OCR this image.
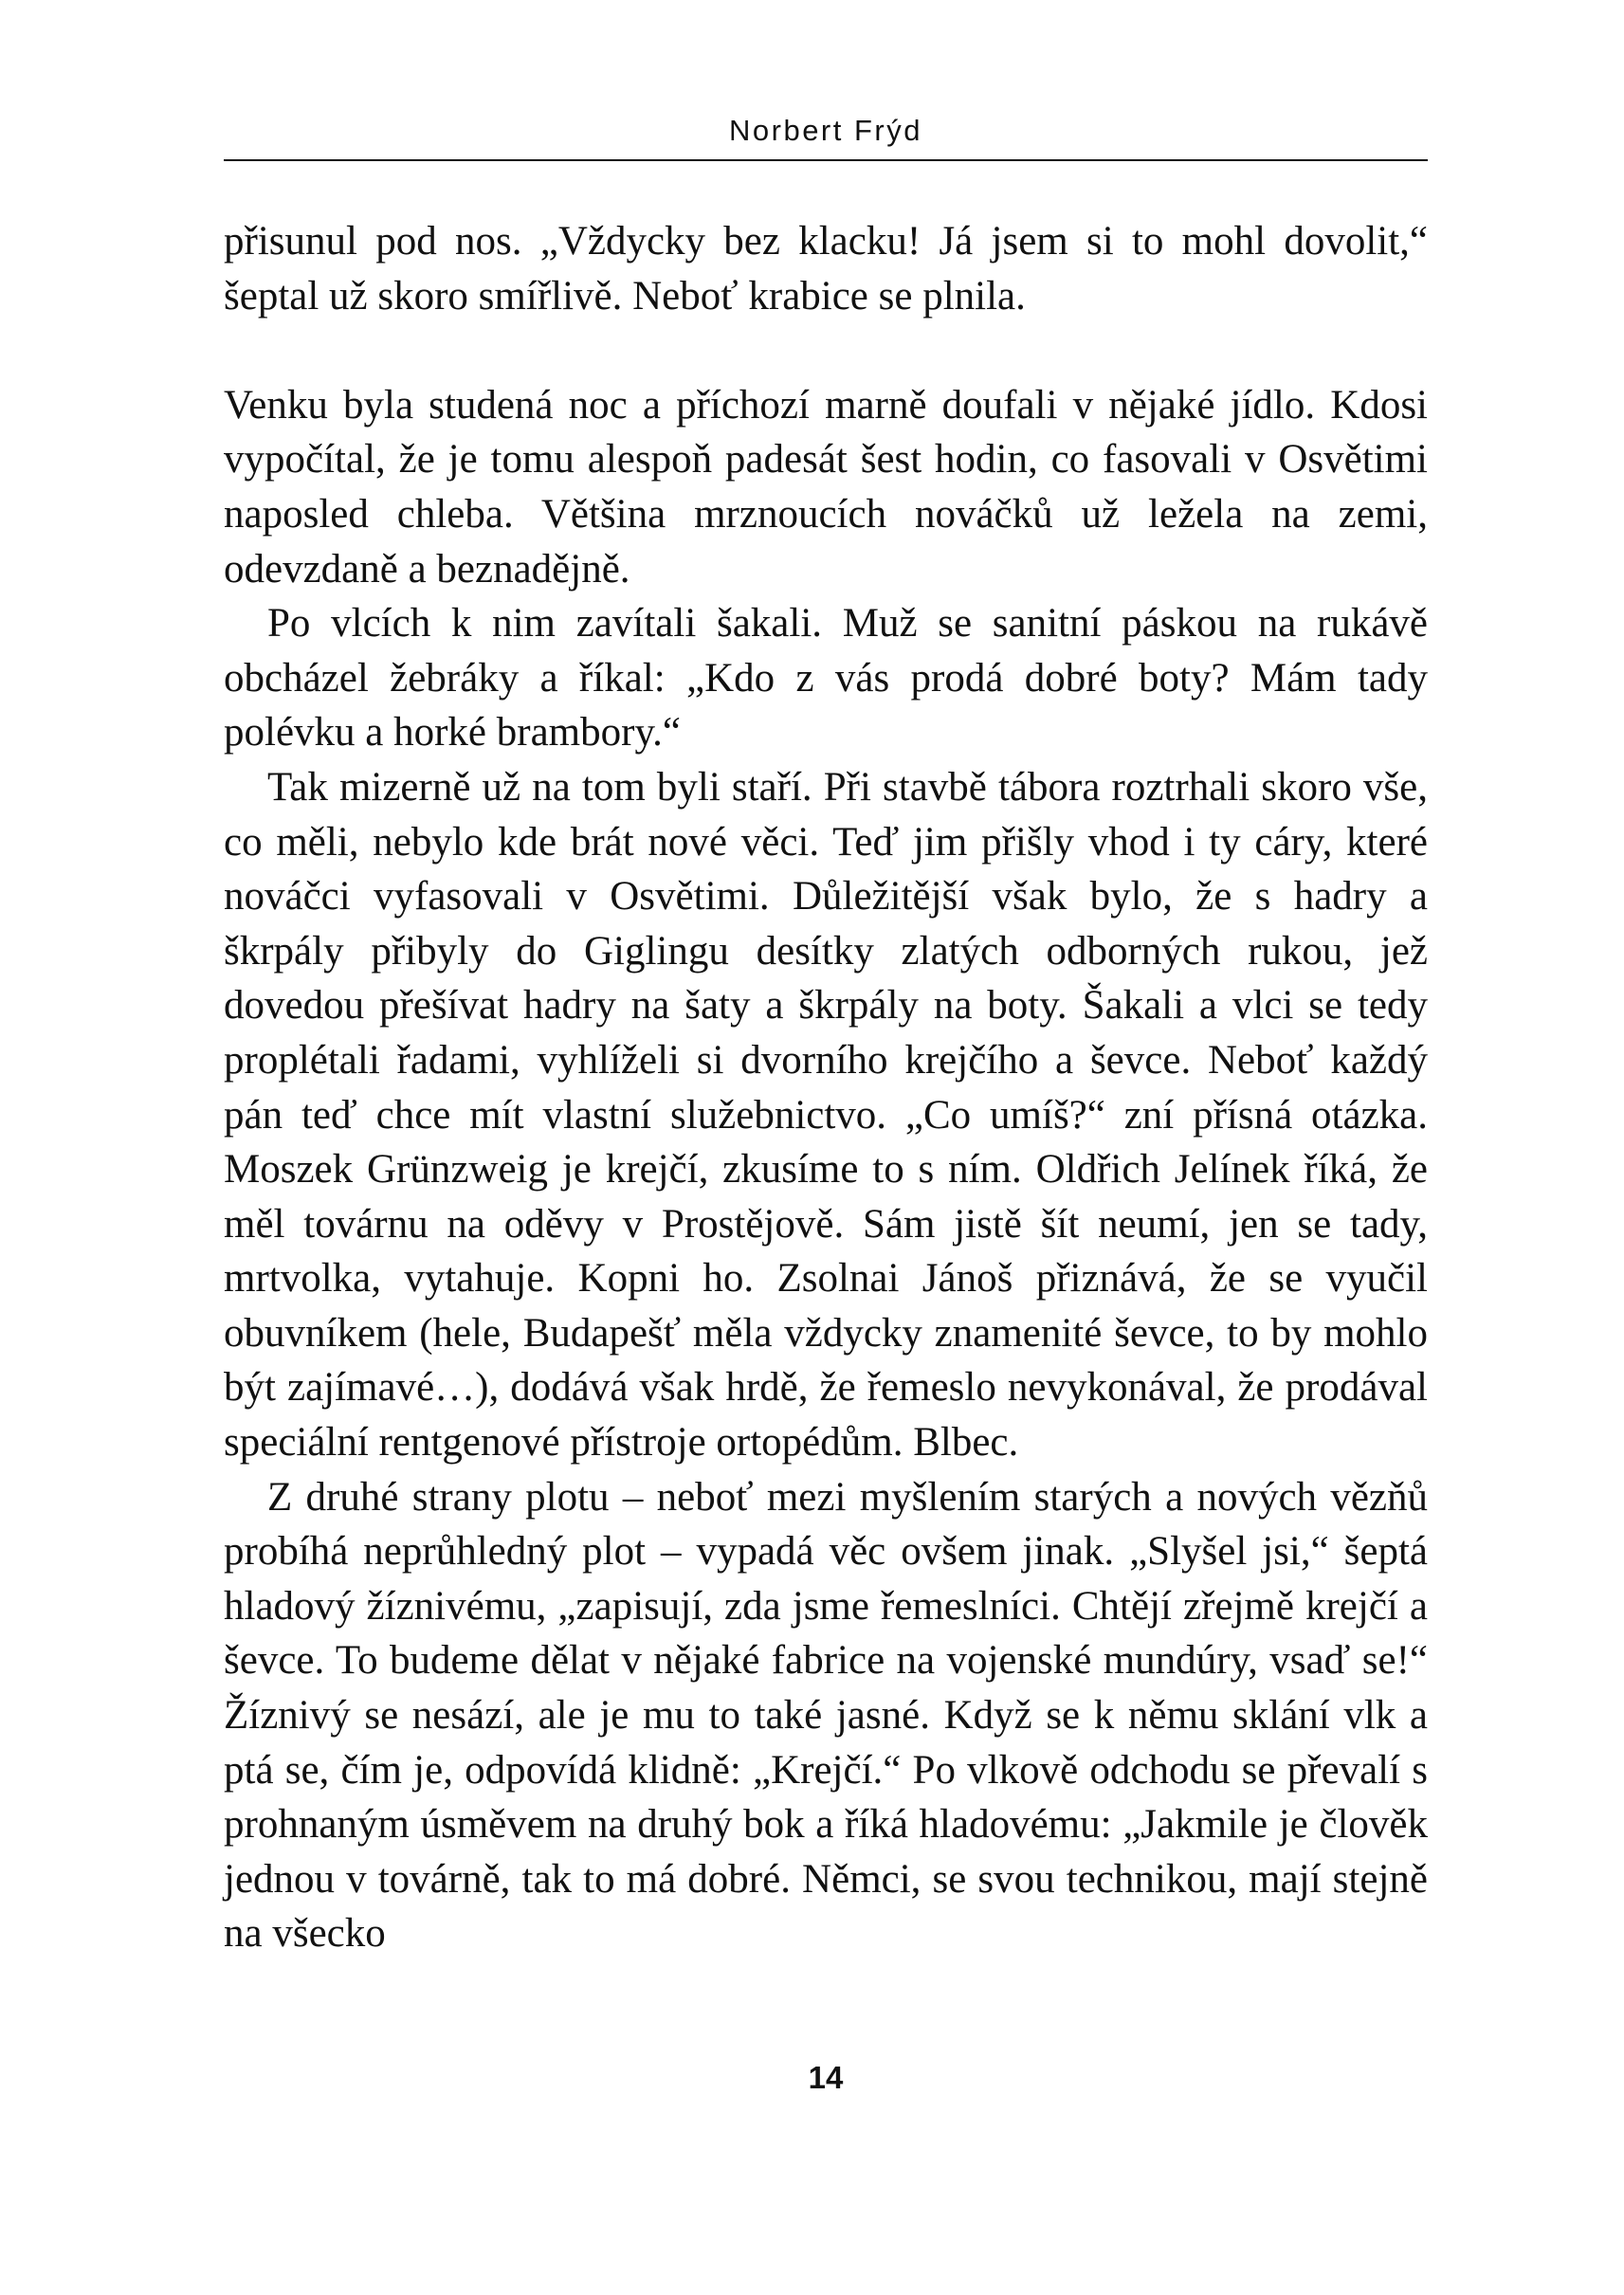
Norbert Frýd

přisunul pod nos. „Vždycky bez klacku! Já jsem si to mohl dovolit,“ šeptal už skoro smířlivě. Neboť krabice se plnila.

Venku byla studená noc a příchozí marně doufali v nějaké jídlo. Kdosi vypočítal, že je tomu alespoň padesát šest hodin, co fasovali v Osvětimi naposled chleba. Většina mrznoucích nováčků už ležela na zemi, odevzdaně a beznadějně.

Po vlcích k nim zavítali šakali. Muž se sanitní páskou na rukávě obcházel žebráky a říkal: „Kdo z vás prodá dobré boty? Mám tady polévku a horké brambory.“

Tak mizerně už na tom byli staří. Při stavbě tábora roztrhali skoro vše, co měli, nebylo kde brát nové věci. Teď jim přišly vhod i ty cáry, které nováčci vyfasovali v Osvětimi. Důležitější však bylo, že s hadry a škrpály přibyly do Giglingu desítky zlatých odborných rukou, jež dovedou přešívat hadry na šaty a škrpály na boty. Šakali a vlci se tedy proplétali řadami, vyhlíželi si dvorního krejčího a ševce. Neboť každý pán teď chce mít vlastní služebnictvo. „Co umíš?“ zní přísná otázka. Moszek Grünzweig je krejčí, zkusíme to s ním. Oldřich Jelínek říká, že měl továrnu na oděvy v Prostějově. Sám jistě šít neumí, jen se tady, mrtvolka, vytahuje. Kopni ho. Zsolnai Jánoš přiznává, že se vyučil obuvníkem (hele, Budapešť měla vždycky znamenité ševce, to by mohlo být zajímavé…), dodává však hrdě, že řemeslo nevykonával, že prodával speciální rentgenové přístroje ortopédům. Blbec.

Z druhé strany plotu – neboť mezi myšlením starých a nových vězňů probíhá neprůhledný plot – vypadá věc ovšem jinak. „Slyšel jsi,“ šeptá hladový žíznivému, „zapisují, zda jsme řemeslníci. Chtějí zřejmě krejčí a ševce. To budeme dělat v nějaké fabrice na vojenské mundúry, vsaď se!“ Žíznivý se nesází, ale je mu to také jasné. Když se k němu sklání vlk a ptá se, čím je, odpovídá klidně: „Krejčí.“ Po vlkově odchodu se převalí s prohnaným úsměvem na druhý bok a říká hladovému: „Jakmile je člověk jednou v továrně, tak to má dobré. Němci, se svou technikou, mají stejně na všecko

14
